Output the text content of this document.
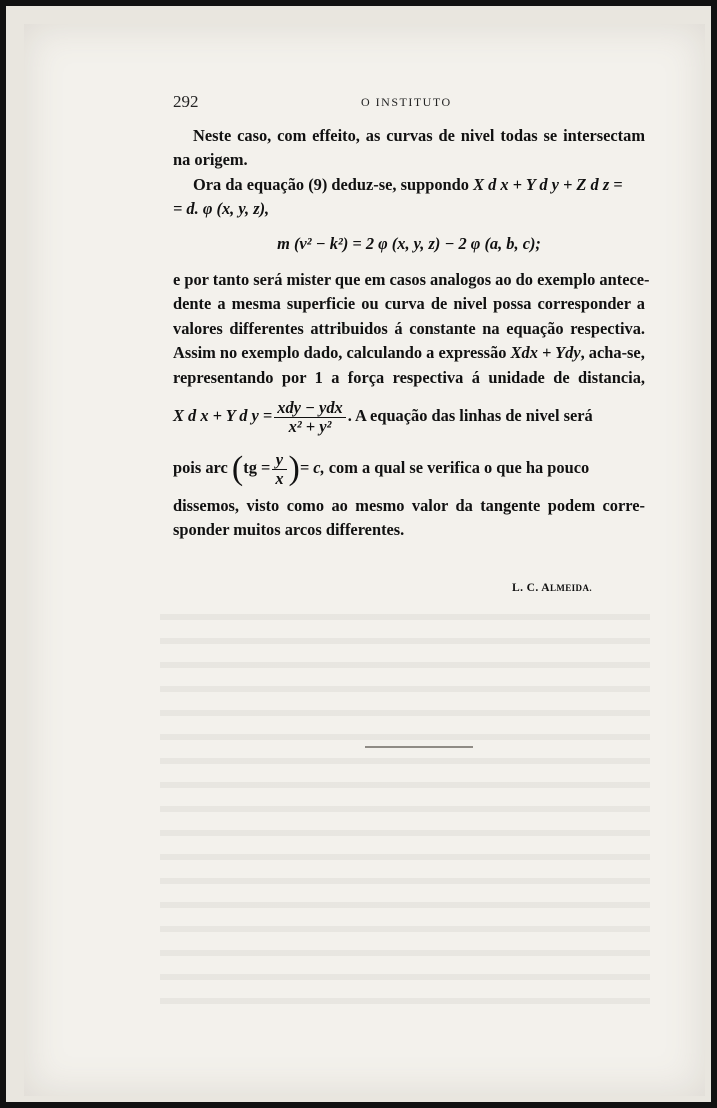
292	O INSTITUTO
Neste caso, com effeito, as curvas de nivel todas se intersectam
na origem.
Ora da equação (9) deduz-se, suppondo X d x + Y d y + Z d z =
= d. φ (x, y, z),
m (v² − k²) = 2 φ (x, y, z) − 2 φ (a, b, c);
e por tanto será mister que em casos analogos ao do exemplo antece-
dente a mesma superficie ou curva de nivel possa corresponder a
valores differentes attribuidos á constante na equação respectiva.
Assim no exemplo dado, calculando a expressão Xdx + Ydy, acha-se,
representando por 1 a força respectiva á unidade de distancia,
X d x + Y d $y = \frac{\text{xdy − ydx}}{\text{x² + y²}}$ . A equação das linhas de nivel será
pois arc ($tg = \frac{y}{x}$ )= c, com a qual se verifica o que ha pouco
dissemos, visto como ao mesmo valor da tangente podem corre-
sponder muitos arcos differentes.
L. C. ALMEIDA.
